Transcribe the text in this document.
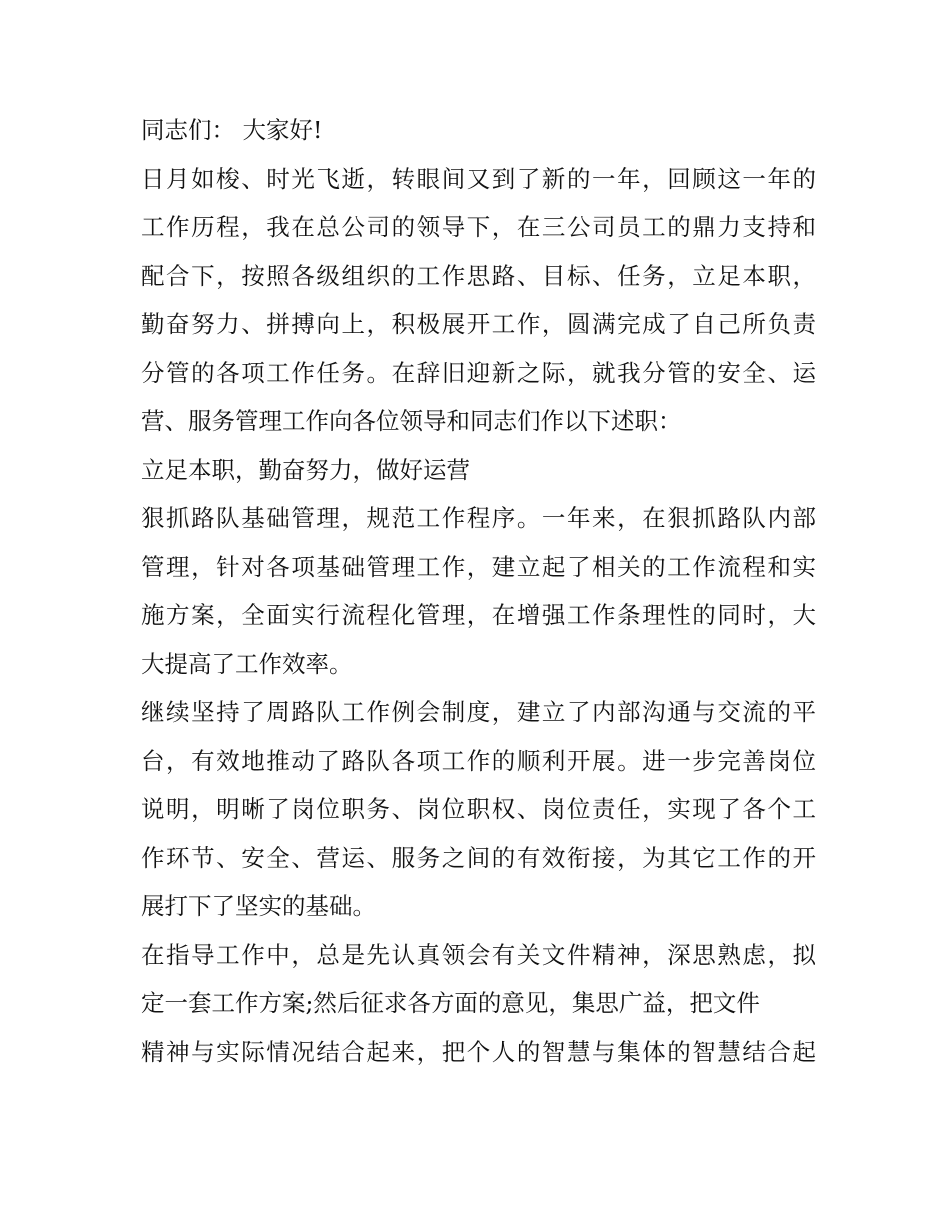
同志们： 大家好!
日月如梭、时光飞逝，转眼间又到了新的一年，回顾这一年的
工作历程，我在总公司的领导下，在三公司员工的鼎力支持和
配合下，按照各级组织的工作思路、目标、任务，立足本职，
勤奋努力、拼搏向上，积极展开工作，圆满完成了自己所负责
分管的各项工作任务。在辞旧迎新之际，就我分管的安全、运
营、服务管理工作向各位领导和同志们作以下述职：
立足本职，勤奋努力，做好运营
狠抓路队基础管理，规范工作程序。一年来，在狠抓路队内部
管理，针对各项基础管理工作，建立起了相关的工作流程和实
施方案，全面实行流程化管理，在增强工作条理性的同时，大
大提高了工作效率。
继续坚持了周路队工作例会制度，建立了内部沟通与交流的平
台，有效地推动了路队各项工作的顺利开展。进一步完善岗位
说明，明晰了岗位职务、岗位职权、岗位责任，实现了各个工
作环节、安全、营运、服务之间的有效衔接，为其它工作的开
展打下了坚实的基础。
在指导工作中，总是先认真领会有关文件精神，深思熟虑，拟
定一套工作方案;然后征求各方面的意见，集思广益，把文件
精神与实际情况结合起来，把个人的智慧与集体的智慧结合起
